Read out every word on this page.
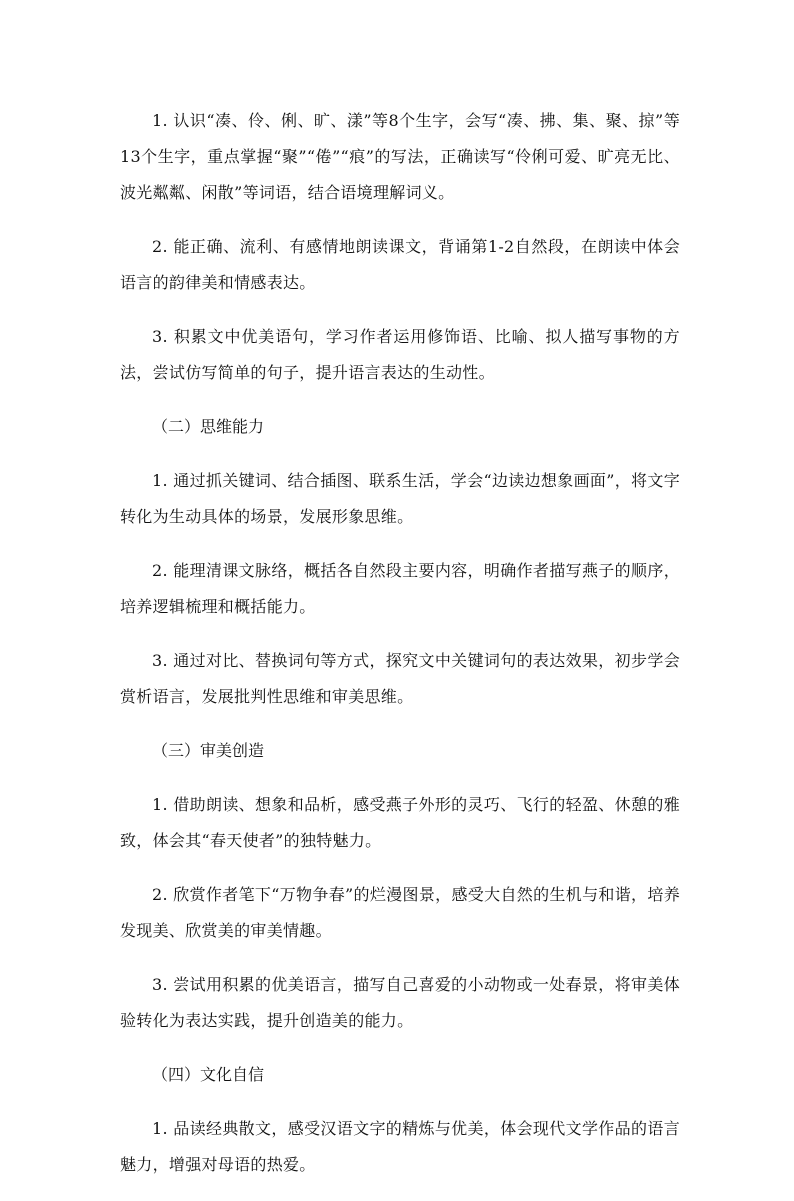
1. 认识“凑、伶、俐、旷、漾”等8个生字，会写“凑、拂、集、聚、掠”等13个生字，重点掌握“聚”“倦”“痕”的写法，正确读写“伶俐可爱、旷亮无比、波光粼粼、闲散”等词语，结合语境理解词义。

2. 能正确、流利、有感情地朗读课文，背诵第1-2自然段，在朗读中体会语言的韵律美和情感表达。

3. 积累文中优美语句，学习作者运用修饰语、比喻、拟人描写事物的方法，尝试仿写简单的句子，提升语言表达的生动性。

（二）思维能力

1. 通过抓关键词、结合插图、联系生活，学会“边读边想象画面”，将文字转化为生动具体的场景，发展形象思维。

2. 能理清课文脉络，概括各自然段主要内容，明确作者描写燕子的顺序，培养逻辑梳理和概括能力。

3. 通过对比、替换词句等方式，探究文中关键词句的表达效果，初步学会赏析语言，发展批判性思维和审美思维。

（三）审美创造

1. 借助朗读、想象和品析，感受燕子外形的灵巧、飞行的轻盈、休憩的雅致，体会其“春天使者”的独特魅力。

2. 欣赏作者笔下“万物争春”的烂漫图景，感受大自然的生机与和谐，培养发现美、欣赏美的审美情趣。

3. 尝试用积累的优美语言，描写自己喜爱的小动物或一处春景，将审美体验转化为表达实践，提升创造美的能力。

（四）文化自信

1. 品读经典散文，感受汉语文字的精炼与优美，体会现代文学作品的语言魅力，增强对母语的热爱。
